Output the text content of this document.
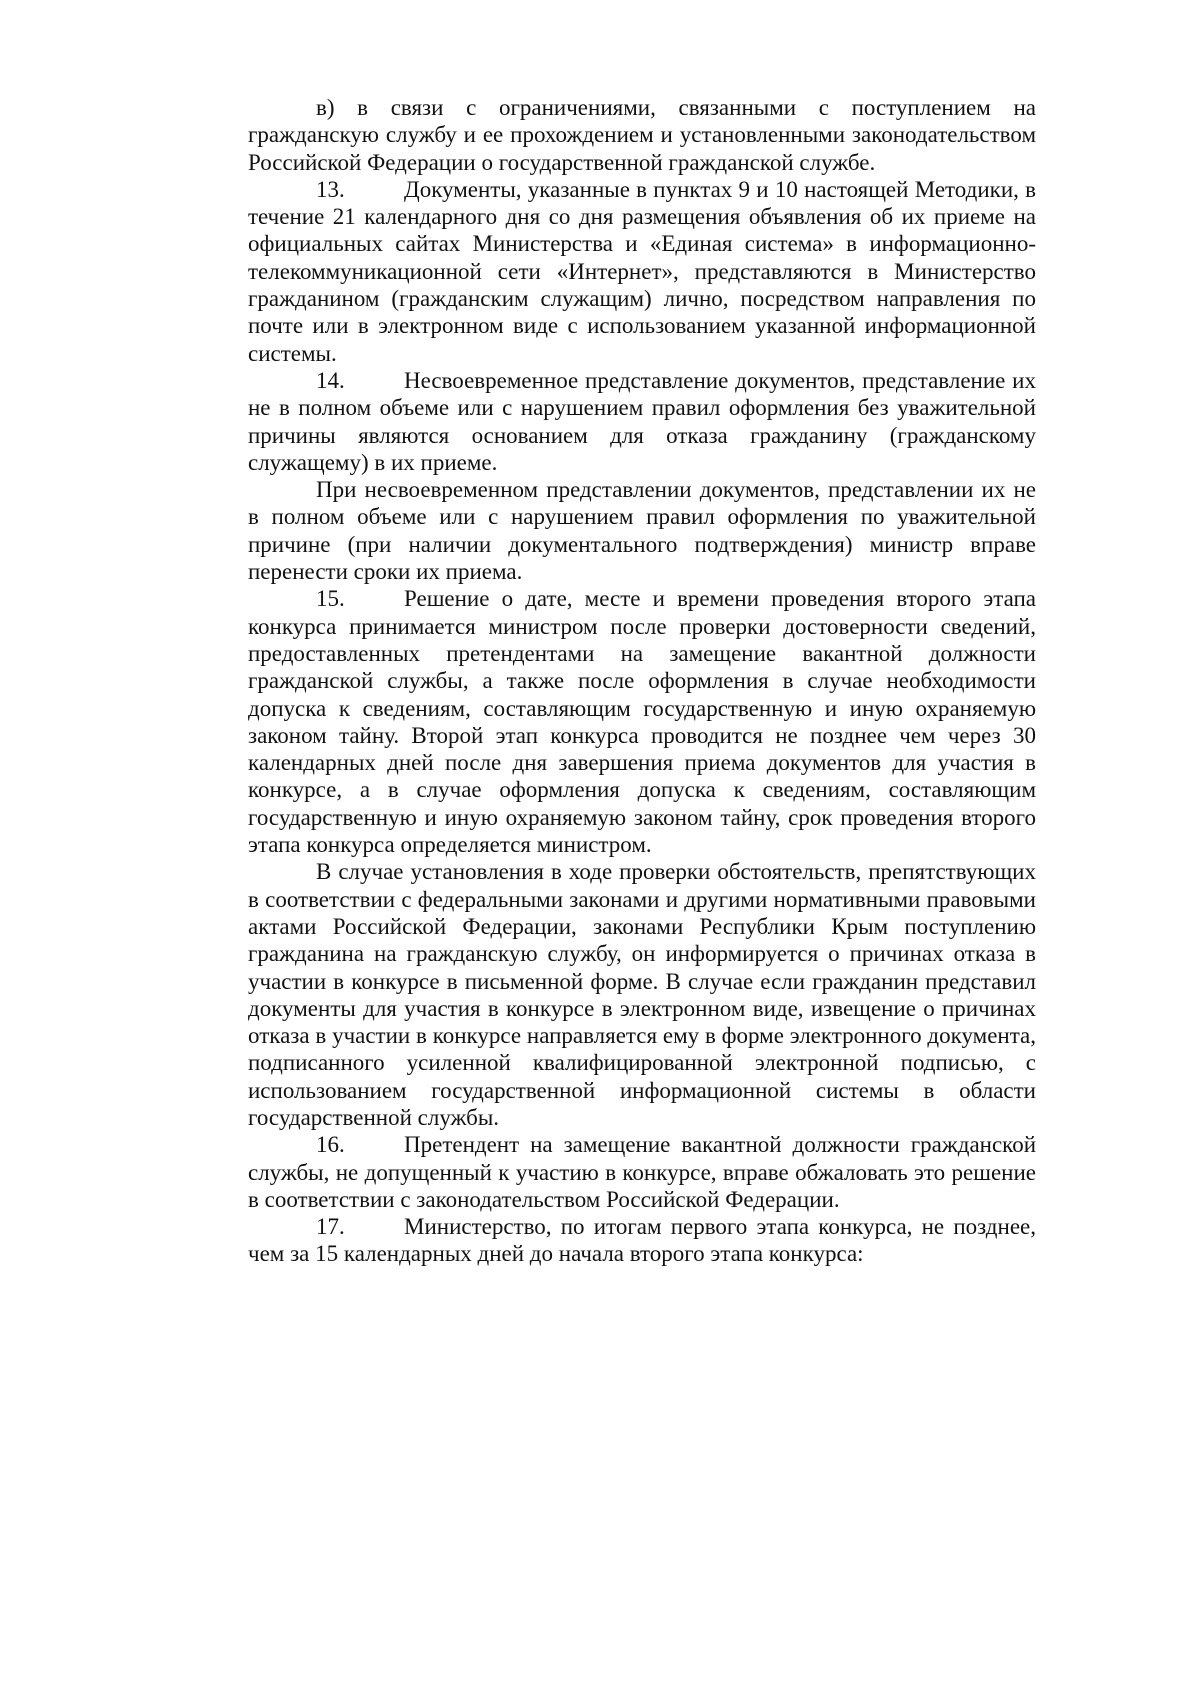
в) в связи с ограничениями, связанными с поступлением на гражданскую службу и ее прохождением и установленными законодательством Российской Федерации о государственной гражданской службе.

13.	Документы, указанные в пунктах 9 и 10 настоящей Методики, в течение 21 календарного дня со дня размещения объявления об их приеме на официальных сайтах Министерства и «Единая система» в информационно-телекоммуникационной сети «Интернет», представляются в Министерство гражданином (гражданским служащим) лично, посредством направления по почте или в электронном виде с использованием указанной информационной системы.

14.	Несвоевременное представление документов, представление их не в полном объеме или с нарушением правил оформления без уважительной причины являются основанием для отказа гражданину (гражданскому служащему) в их приеме.

При несвоевременном представлении документов, представлении их не в полном объеме или с нарушением правил оформления по уважительной причине (при наличии документального подтверждения) министр вправе перенести сроки их приема.

15.	Решение о дате, месте и времени проведения второго этапа конкурса принимается министром после проверки достоверности сведений, предоставленных претендентами на замещение вакантной должности гражданской службы, а также после оформления в случае необходимости допуска к сведениям, составляющим государственную и иную охраняемую законом тайну. Второй этап конкурса проводится не позднее чем через 30 календарных дней после дня завершения приема документов для участия в конкурсе, а в случае оформления допуска к сведениям, составляющим государственную и иную охраняемую законом тайну, срок проведения второго этапа конкурса определяется министром.

В случае установления в ходе проверки обстоятельств, препятствующих в соответствии с федеральными законами и другими нормативными правовыми актами Российской Федерации, законами Республики Крым поступлению гражданина на гражданскую службу, он информируется о причинах отказа в участии в конкурсе в письменной форме. В случае если гражданин представил документы для участия в конкурсе в электронном виде, извещение о причинах отказа в участии в конкурсе направляется ему в форме электронного документа, подписанного усиленной квалифицированной электронной подписью, с использованием государственной информационной системы в области государственной службы.

16.	Претендент на замещение вакантной должности гражданской службы, не допущенный к участию в конкурсе, вправе обжаловать это решение в соответствии с законодательством Российской Федерации.

17.	Министерство, по итогам первого этапа конкурса, не позднее, чем за 15 календарных дней до начала второго этапа конкурса:
